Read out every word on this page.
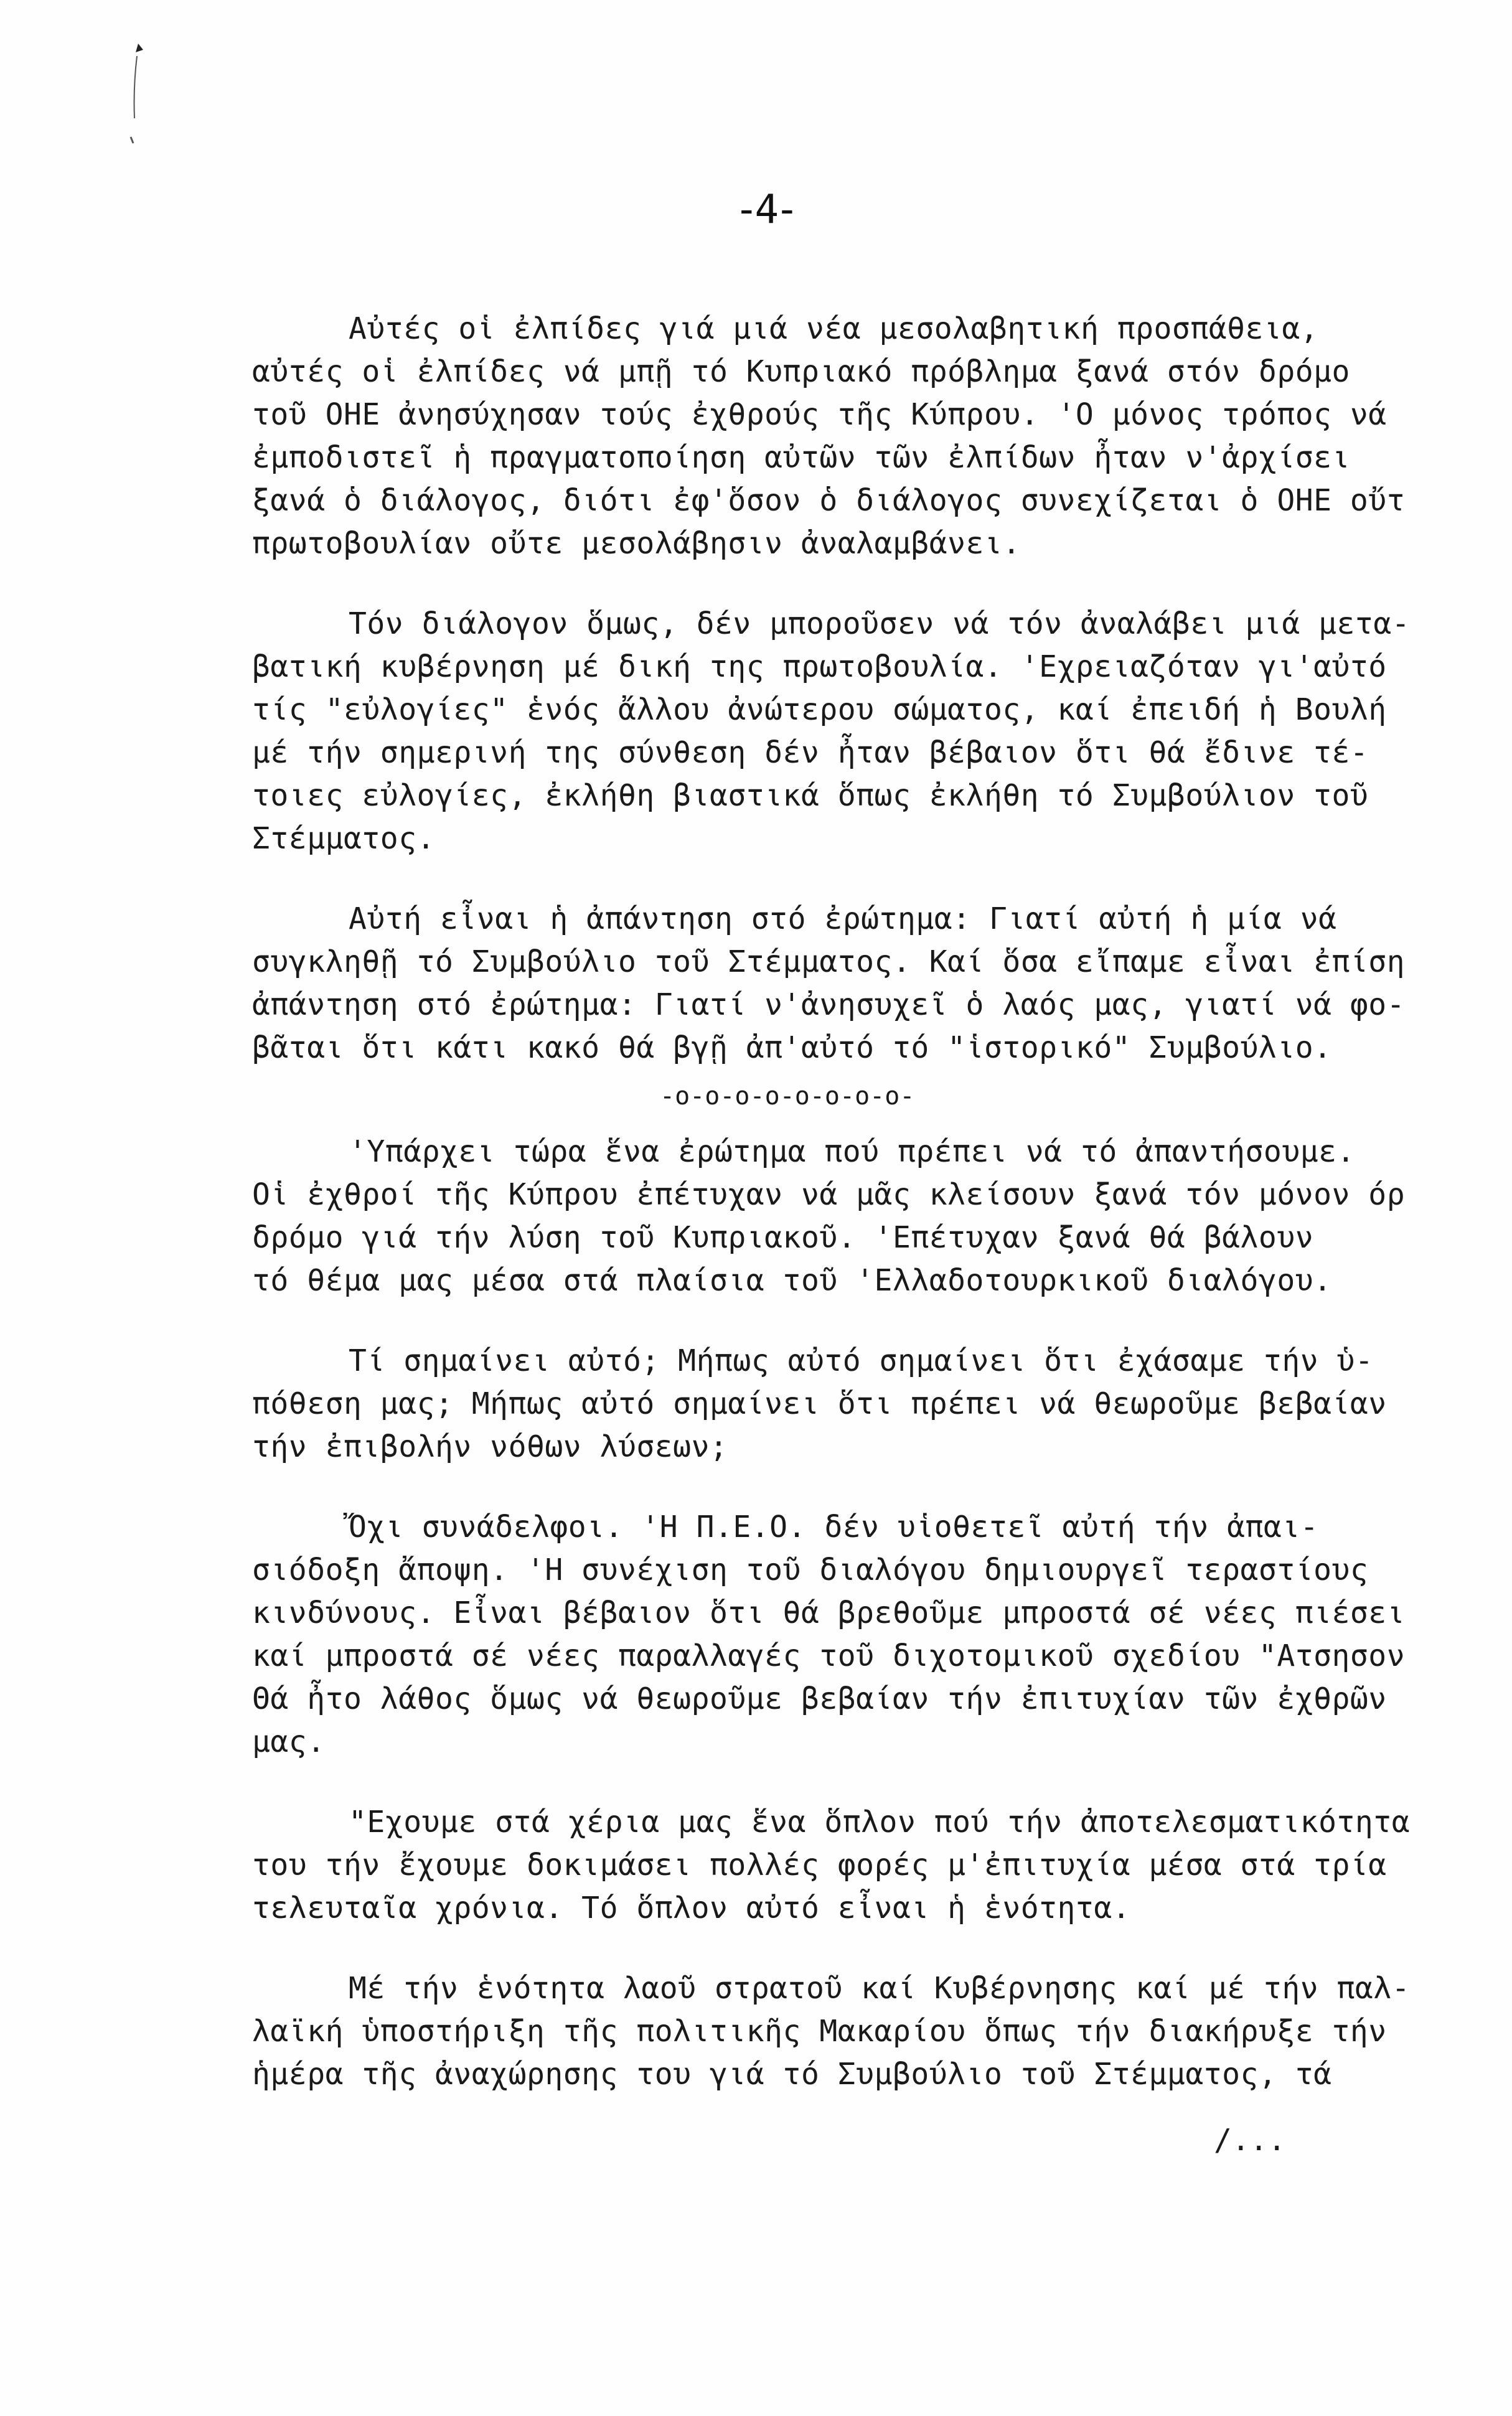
-4-
Αὐτές οἱ ἐλπίδες γιά μιά νέα μεσολαβητική προσπάθεια,
αὐτές οἱ ἐλπίδες νά μπῇ τό Κυπριακό πρόβλημα ξανά στόν δρόμο
τοῦ ΟΗΕ ἀνησύχησαν τούς ἐχθρούς τῆς Κύπρου. 'Ο μόνος τρόπος νά
ἐμποδιστεῖ ἡ πραγματοποίηση αὐτῶν τῶν ἐλπίδων ἦταν ν'ἀρχίσει
ξανά ὁ διάλογος, διότι ἐφ'ὅσον ὁ διάλογος συνεχίζεται ὁ ΟΗΕ οὔτ
πρωτοβουλίαν οὔτε μεσολάβησιν ἀναλαμβάνει.
Τόν διάλογον ὅμως, δέν μποροῦσεν νά τόν ἀναλάβει μιά μετα-
βατική κυβέρνηση μέ δική της πρωτοβουλία. 'Εχρειαζόταν γι'αὐτό
τίς "εὐλογίες" ἑνός ἄλλου ἀνώτερου σώματος, καί ἐπειδή ἡ Βουλή
μέ τήν σημερινή της σύνθεση δέν ἦταν βέβαιον ὅτι θά ἔδινε τέ-
τοιες εὐλογίες, ἐκλήθη βιαστικά ὅπως ἐκλήθη τό Συμβούλιον τοῦ
Στέμματος.
Αὐτή εἶναι ἡ ἀπάντηση στό ἐρώτημα: Γιατί αὐτή ἡ μία νά
συγκληθῇ τό Συμβούλιο τοῦ Στέμματος. Καί ὅσα εἴπαμε εἶναι ἐπίση
ἀπάντηση στό ἐρώτημα: Γιατί ν'ἀνησυχεῖ ὁ λαός μας, γιατί νά φο-
βᾶται ὅτι κάτι κακό θά βγῇ ἀπ'αὐτό τό "ἱστορικό" Συμβούλιο.
-o-o-o-o-o-o-o-o-
'Υπάρχει τώρα ἕνα ἐρώτημα πού πρέπει νά τό ἀπαντήσουμε.
Οἱ ἐχθροί τῆς Κύπρου ἐπέτυχαν νά μᾶς κλείσουν ξανά τόν μόνον όρ
δρόμο γιά τήν λύση τοῦ Κυπριακοῦ. 'Επέτυχαν ξανά θά βάλουν
τό θέμα μας μέσα στά πλαίσια τοῦ 'Ελλαδοτουρκικοῦ διαλόγου.
Τί σημαίνει αὐτό; Μήπως αὐτό σημαίνει ὅτι ἐχάσαμε τήν ὑ-
πόθεση μας; Μήπως αὐτό σημαίνει ὅτι πρέπει νά θεωροῦμε βεβαίαν
τήν ἐπιβολήν νόθων λύσεων;
Ὄχι συνάδελφοι. 'Η Π.Ε.Ο. δέν υἱοθετεῖ αὐτή τήν ἀπαι-
σιόδοξη ἄποψη. 'Η συνέχιση τοῦ διαλόγου δημιουργεῖ τεραστίους
κινδύνους. Εἶναι βέβαιον ὅτι θά βρεθοῦμε μπροστά σέ νέες πιέσει
καί μπροστά σέ νέες παραλλαγές τοῦ διχοτομικοῦ σχεδίου "Ατσησον
Θά ἦτο λάθος ὅμως νά θεωροῦμε βεβαίαν τήν ἐπιτυχίαν τῶν ἐχθρῶν
μας.
"Εχουμε στά χέρια μας ἕνα ὅπλον πού τήν ἀποτελεσματικότητα
του τήν ἔχουμε δοκιμάσει πολλές φορές μ'ἐπιτυχία μέσα στά τρία
τελευταῖα χρόνια. Τό ὅπλον αὐτό εἶναι ἡ ἑνότητα.
Μέ τήν ἑνότητα λαοῦ στρατοῦ καί Κυβέρνησης καί μέ τήν παλ-
λαϊκή ὑποστήριξη τῆς πολιτικῆς Μακαρίου ὅπως τήν διακήρυξε τήν
ἡμέρα τῆς ἀναχώρησης του γιά τό Συμβούλιο τοῦ Στέμματος, τά
/...
